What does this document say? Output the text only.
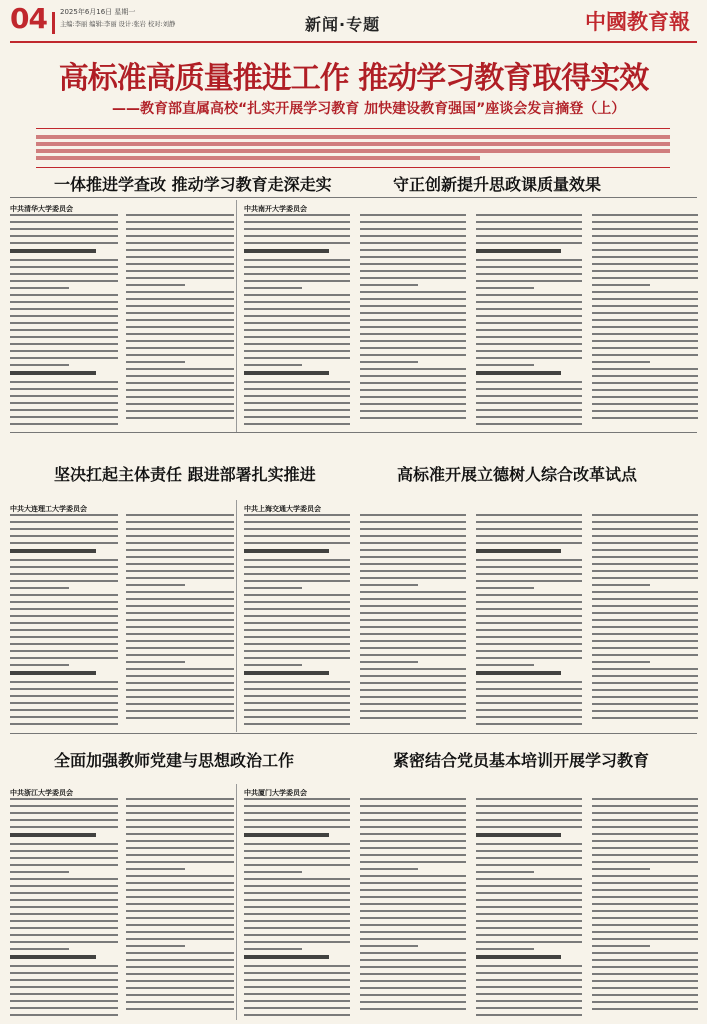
04 2025年6月16日 星期一
主编:李丽 编辑:李丽 设计:张岩 校对:刘静	新闻·专题	中國教育報
高标准高质量推进工作 推动学习教育取得实效
——教育部直属高校“扎实开展学习教育 加快建设教育强国”座谈会发言摘登（上）
一体推进学查改 推动学习教育走深走实	守正创新提升思政课质量效果
中共清华大学委员会	中共南开大学委员会
坚决扛起主体责任 跟进部署扎实推进	高标准开展立德树人综合改革试点
中共大连理工大学委员会	中共上海交通大学委员会
全面加强教师党建与思想政治工作	紧密结合党员基本培训开展学习教育
中共浙江大学委员会	中共厦门大学委员会
